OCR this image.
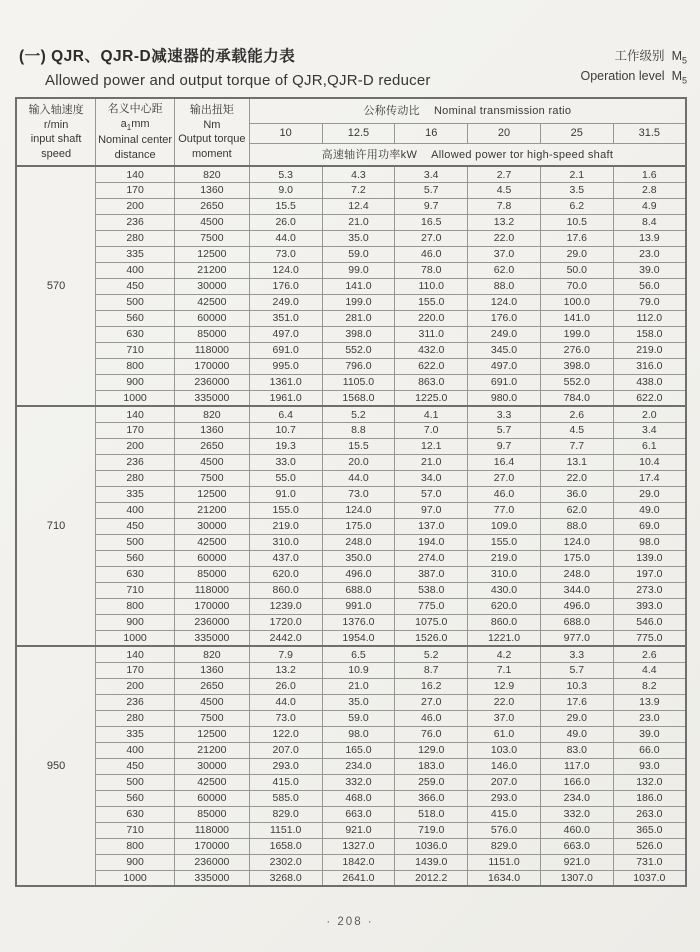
(一) QJR、QJR-D减速器的承载能力表
Allowed power and output torque of QJR,QJR-D reducer
工作级别 $M_5$
Operation level $M_5$
输入轴速度
r/min
input shaft
speed

名义中心距
$a_1mm$
Nominal center
distance

输出扭矩
Nm
Output torque
moment
	公称传动比 Nominal transmission ratio
			10	12.5	16	20	25	31.5
			高速轴许用功率kW Allowed power tor high-speed shaft					
570	140	820	5.3	4.3	3.4	2.7	2.1	1.6
	170	1360	9.0	7.2	5.7	4.5	3.5	2.8
	200	2650	15.5	12.4	9.7	7.8	6.2	4.9
	236	4500	26.0	21.0	16.5	13.2	10.5	8.4
	280	7500	44.0	35.0	27.0	22.0	17.6	13.9
	335	12500	73.0	59.0	46.0	37.0	29.0	23.0
	400	21200	124.0	99.0	78.0	62.0	50.0	39.0
	450	30000	176.0	141.0	110.0	88.0	70.0	56.0
	500	42500	249.0	199.0	155.0	124.0	100.0	79.0
	560	60000	351.0	281.0	220.0	176.0	141.0	112.0
	630	85000	497.0	398.0	311.0	249.0	199.0	158.0
	710	118000	691.0	552.0	432.0	345.0	276.0	219.0
	800	170000	995.0	796.0	622.0	497.0	398.0	316.0
	900	236000	1361.0	1105.0	863.0	691.0	552.0	438.0
	1000	335000	1961.0	1568.0	1225.0	980.0	784.0	622.0
710	140	820	6.4	5.2	4.1	3.3	2.6	2.0
	170	1360	10.7	8.8	7.0	5.7	4.5	3.4
	200	2650	19.3	15.5	12.1	9.7	7.7	6.1
	236	4500	33.0	20.0	21.0	16.4	13.1	10.4
	280	7500	55.0	44.0	34.0	27.0	22.0	17.4
	335	12500	91.0	73.0	57.0	46.0	36.0	29.0
	400	21200	155.0	124.0	97.0	77.0	62.0	49.0
	450	30000	219.0	175.0	137.0	109.0	88.0	69.0
	500	42500	310.0	248.0	194.0	155.0	124.0	98.0
	560	60000	437.0	350.0	274.0	219.0	175.0	139.0
	630	85000	620.0	496.0	387.0	310.0	248.0	197.0
	710	118000	860.0	688.0	538.0	430.0	344.0	273.0
	800	170000	1239.0	991.0	775.0	620.0	496.0	393.0
	900	236000	1720.0	1376.0	1075.0	860.0	688.0	546.0
	1000	335000	2442.0	1954.0	1526.0	1221.0	977.0	775.0
950	140	820	7.9	6.5	5.2	4.2	3.3	2.6
	170	1360	13.2	10.9	8.7	7.1	5.7	4.4
	200	2650	26.0	21.0	16.2	12.9	10.3	8.2
	236	4500	44.0	35.0	27.0	22.0	17.6	13.9
	280	7500	73.0	59.0	46.0	37.0	29.0	23.0
	335	12500	122.0	98.0	76.0	61.0	49.0	39.0
	400	21200	207.0	165.0	129.0	103.0	83.0	66.0
	450	30000	293.0	234.0	183.0	146.0	117.0	93.0
	500	42500	415.0	332.0	259.0	207.0	166.0	132.0
	560	60000	585.0	468.0	366.0	293.0	234.0	186.0
	630	85000	829.0	663.0	518.0	415.0	332.0	263.0
	710	118000	1151.0	921.0	719.0	576.0	460.0	365.0
	800	170000	1658.0	1327.0	1036.0	829.0	663.0	526.0
	900	236000	2302.0	1842.0	1439.0	1151.0	921.0	731.0
	1000	335000	3268.0	2641.0	2012.2	1634.0	1307.0	1037.0
· 208 ·
